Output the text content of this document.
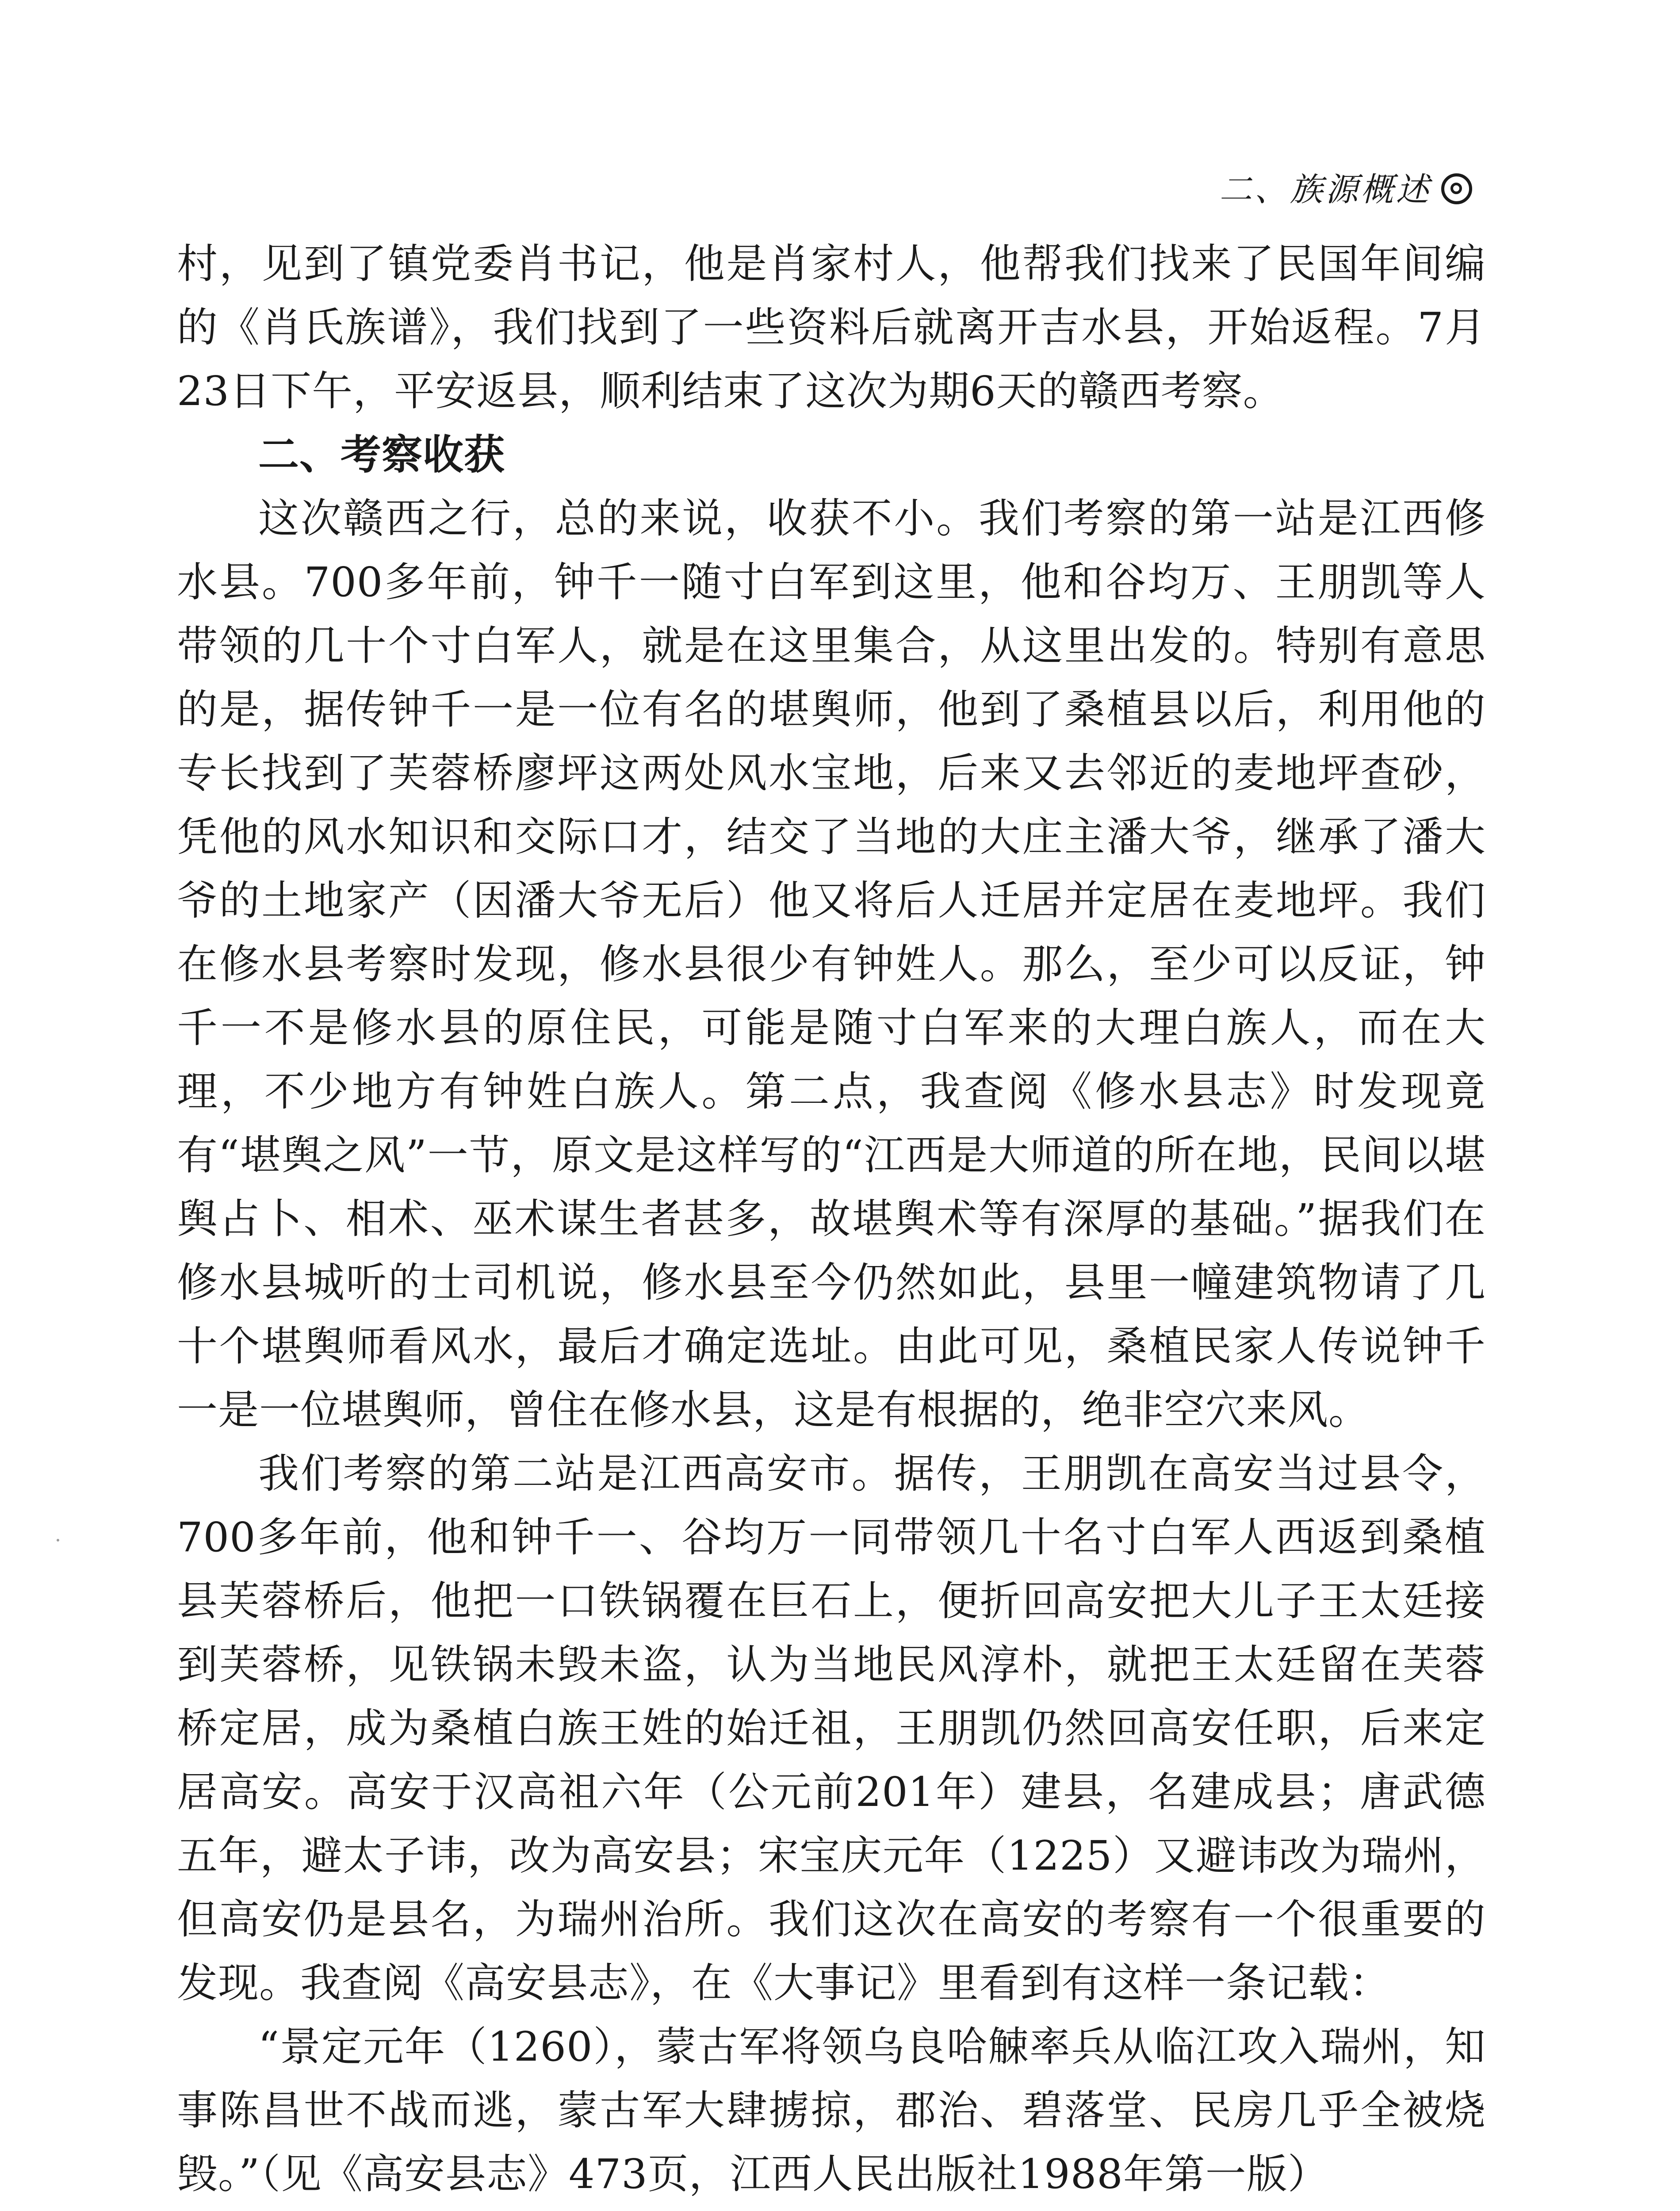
二、族源概述

村，见到了镇党委肖书记，他是肖家村人，他帮我们找来了民国年间编的《肖氏族谱》，我们找到了一些资料后就离开吉水县，开始返程。7月23日下午，平安返县，顺利结束了这次为期6天的赣西考察。

二、考察收获

这次赣西之行，总的来说，收获不小。我们考察的第一站是江西修水县。700多年前，钟千一随寸白军到这里，他和谷均万、王朋凯等人带领的几十个寸白军人，就是在这里集合，从这里出发的。特别有意思的是，据传钟千一是一位有名的堪舆师，他到了桑植县以后，利用他的专长找到了芙蓉桥廖坪这两处风水宝地，后来又去邻近的麦地坪查砂，凭他的风水知识和交际口才，结交了当地的大庄主潘大爷，继承了潘大爷的土地家产（因潘大爷无后）他又将后人迁居并定居在麦地坪。我们在修水县考察时发现，修水县很少有钟姓人。那么，至少可以反证，钟千一不是修水县的原住民，可能是随寸白军来的大理白族人，而在大理，不少地方有钟姓白族人。第二点，我查阅《修水县志》时发现竟有“堪舆之风”一节，原文是这样写的“江西是大师道的所在地，民间以堪舆占卜、相术、巫术谋生者甚多，故堪舆术等有深厚的基础。”据我们在修水县城听的士司机说，修水县至今仍然如此，县里一幢建筑物请了几十个堪舆师看风水，最后才确定选址。由此可见，桑植民家人传说钟千一是一位堪舆师，曾住在修水县，这是有根据的，绝非空穴来风。

我们考察的第二站是江西高安市。据传，王朋凯在高安当过县令，700多年前，他和钟千一、谷均万一同带领几十名寸白军人西返到桑植县芙蓉桥后，他把一口铁锅覆在巨石上，便折回高安把大儿子王太廷接到芙蓉桥，见铁锅未毁未盗，认为当地民风淳朴，就把王太廷留在芙蓉桥定居，成为桑植白族王姓的始迁祖，王朋凯仍然回高安任职，后来定居高安。高安于汉高祖六年（公元前201年）建县，名建成县；唐武德五年，避太子讳，改为高安县；宋宝庆元年（1225）又避讳改为瑞州，但高安仍是县名，为瑞州治所。我们这次在高安的考察有一个很重要的发现。我查阅《高安县志》，在《大事记》里看到有这样一条记载：

“景定元年（1260），蒙古军将领乌良哈觫率兵从临江攻入瑞州，知事陈昌世不战而逃，蒙古军大肆掳掠，郡治、碧落堂、民房几乎全被烧毁。”（见《高安县志》473页，江西人民出版社1988年第一版）
